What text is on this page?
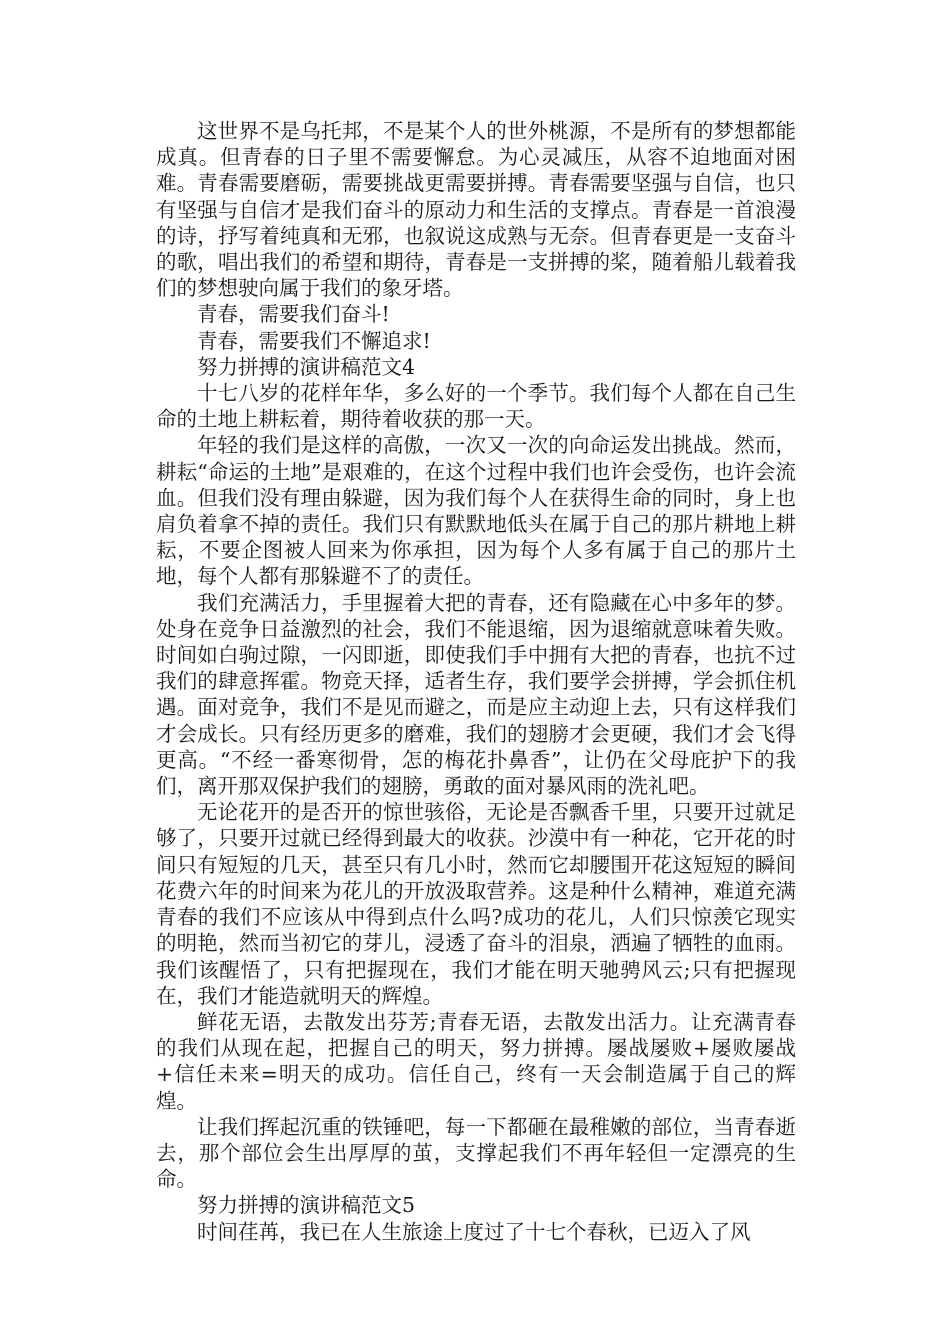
这世界不是乌托邦，不是某个人的世外桃源，不是所有的梦想都能成真。但青春的日子里不需要懈怠。为心灵减压，从容不迫地面对困难。青春需要磨砺，需要挑战更需要拼搏。青春需要坚强与自信，也只有坚强与自信才是我们奋斗的原动力和生活的支撑点。青春是一首浪漫的诗，抒写着纯真和无邪，也叙说这成熟与无奈。但青春更是一支奋斗的歌，唱出我们的希望和期待，青春是一支拼搏的桨，随着船儿载着我们的梦想驶向属于我们的象牙塔。

青春，需要我们奋斗!

青春，需要我们不懈追求!

努力拼搏的演讲稿范文4

十七八岁的花样年华，多么好的一个季节。我们每个人都在自己生命的土地上耕耘着，期待着收获的那一天。

年轻的我们是这样的高傲，一次又一次的向命运发出挑战。然而，耕耘“命运的土地”是艰难的，在这个过程中我们也许会受伤，也许会流血。但我们没有理由躲避，因为我们每个人在获得生命的同时，身上也肩负着拿不掉的责任。我们只有默默地低头在属于自己的那片耕地上耕耘，不要企图被人回来为你承担，因为每个人多有属于自己的那片土地，每个人都有那躲避不了的责任。

我们充满活力，手里握着大把的青春，还有隐藏在心中多年的梦。处身在竞争日益激烈的社会，我们不能退缩，因为退缩就意味着失败。时间如白驹过隙，一闪即逝，即使我们手中拥有大把的青春，也抗不过我们的肆意挥霍。物竞天择，适者生存，我们要学会拼搏，学会抓住机遇。面对竞争，我们不是见而避之，而是应主动迎上去，只有这样我们才会成长。只有经历更多的磨难，我们的翅膀才会更硬，我们才会飞得更高。“不经一番寒彻骨，怎的梅花扑鼻香”，让仍在父母庇护下的我们，离开那双保护我们的翅膀，勇敢的面对暴风雨的洗礼吧。

无论花开的是否开的惊世骇俗，无论是否飘香千里，只要开过就足够了，只要开过就已经得到最大的收获。沙漠中有一种花，它开花的时间只有短短的几天，甚至只有几小时，然而它却腰围开花这短短的瞬间花费六年的时间来为花儿的开放汲取营养。这是种什么精神，难道充满青春的我们不应该从中得到点什么吗?成功的花儿，人们只惊羡它现实的明艳，然而当初它的芽儿，浸透了奋斗的泪泉，洒遍了牺牲的血雨。我们该醒悟了，只有把握现在，我们才能在明天驰骋风云;只有把握现在，我们才能造就明天的辉煌。

鲜花无语，去散发出芬芳;青春无语，去散发出活力。让充满青春的我们从现在起，把握自己的明天，努力拼搏。屡战屡败+屡败屡战+信任未来=明天的成功。信任自己，终有一天会制造属于自己的辉煌。

让我们挥起沉重的铁锤吧，每一下都砸在最稚嫩的部位，当青春逝去，那个部位会生出厚厚的茧，支撑起我们不再年轻但一定漂亮的生命。

努力拼搏的演讲稿范文5

时间荏苒，我已在人生旅途上度过了十七个春秋，已迈入了风
